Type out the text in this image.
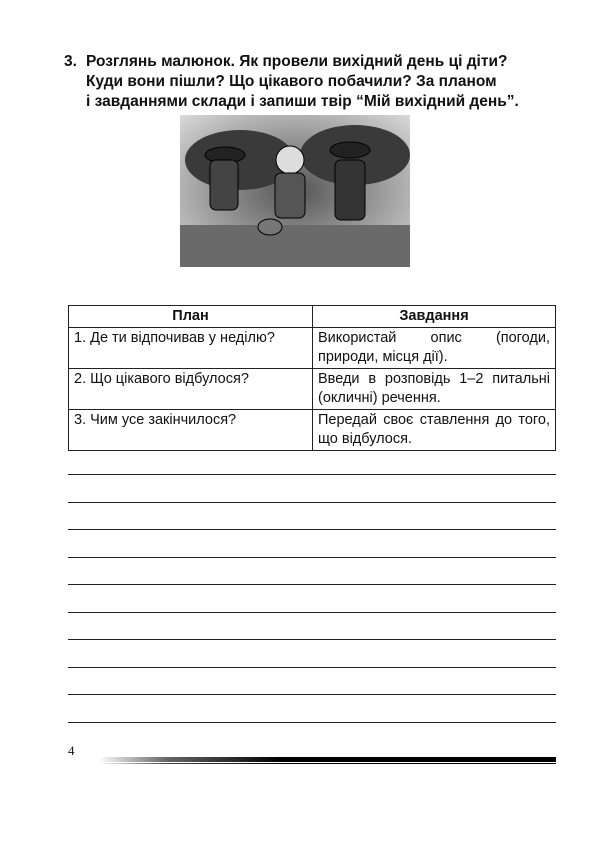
3. Розглянь малюнок. Як провели вихідний день ці діти?
Куди вони пішли? Що цікавого побачили? За планом
і завданнями склади і запиши твір “Мій вихідний день”.
План	Завдання
1. Де ти відпочивав у неділю?	Використай опис (погоди, природи, місця дії).
2. Що цікавого відбулося?	Введи в розповідь 1–2 питальні (окличні) речення.
3. Чим усе закінчилося?	Передай своє ставлення до того, що відбулося.
4
